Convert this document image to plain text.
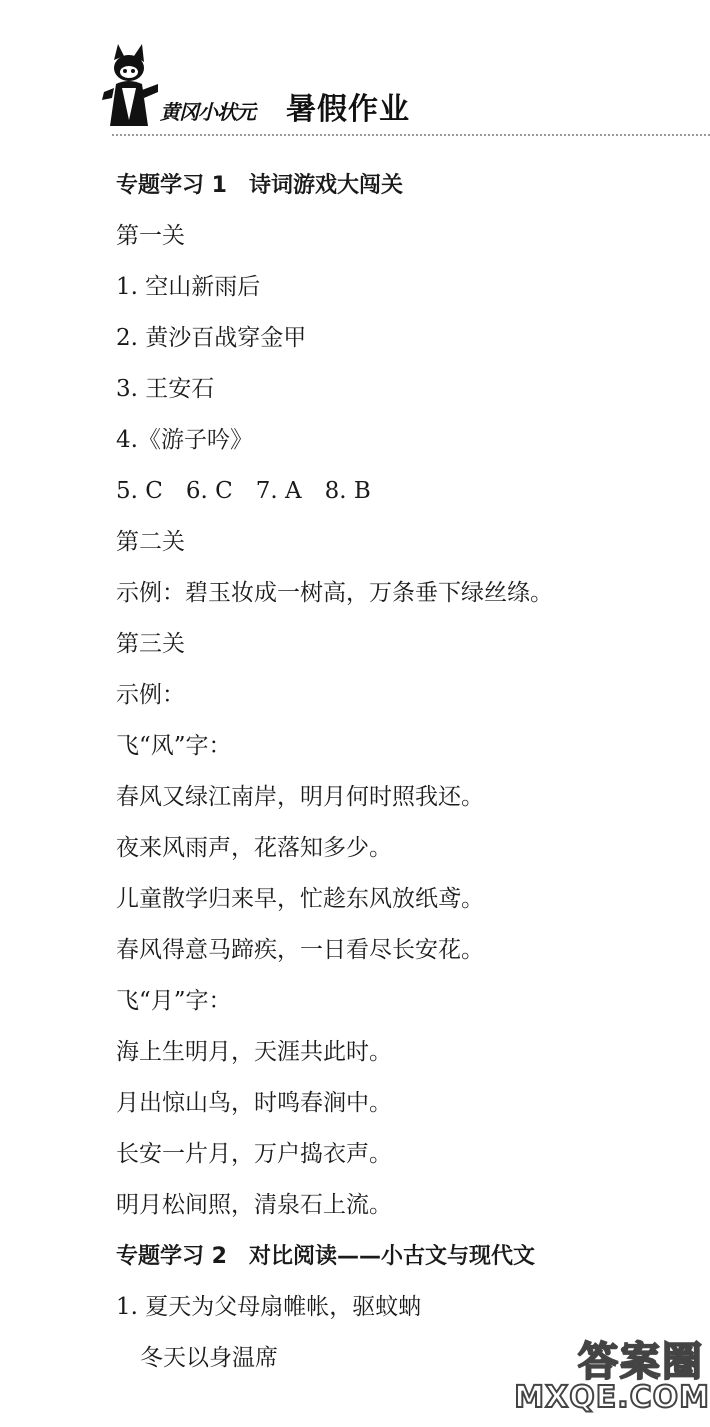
黄冈小状元 暑假作业
专题学习 1　诗词游戏大闯关
第一关
1. 空山新雨后
2. 黄沙百战穿金甲
3. 王安石
4.《游子吟》
5. C　6. C　7. A　8. B
第二关
示例：碧玉妆成一树高，万条垂下绿丝绦。
第三关
示例：
飞“风”字：
春风又绿江南岸，明月何时照我还。
夜来风雨声，花落知多少。
儿童散学归来早，忙趁东风放纸鸢。
春风得意马蹄疾，一日看尽长安花。
飞“月”字：
海上生明月，天涯共此时。
月出惊山鸟，时鸣春涧中。
长安一片月，万户捣衣声。
明月松间照，清泉石上流。
专题学习 2　对比阅读——小古文与现代文
1. 夏天为父母扇帷帐，驱蚊蚋
冬天以身温席	答案圈
MXQE.COM
